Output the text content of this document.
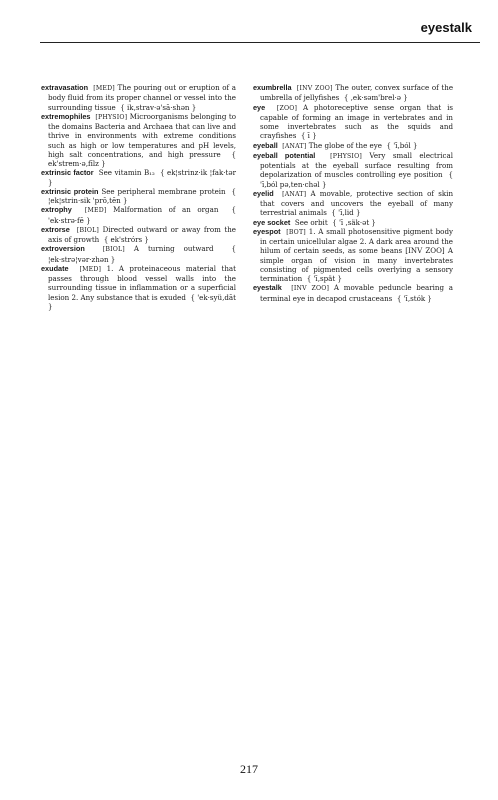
eyestalk

extravasation [MED] The pouring out or eruption of a body fluid from its proper channel or vessel into the surrounding tissue { ik‚strav·ə'sā·shən }

extremophiles [PHYSIO] Microorganisms belonging to the domains Bacteria and Archaea that can live and thrive in environments with extreme conditions such as high or low temperatures and pH levels, high salt concentrations, and high pressure { ek'strem·ə‚fīlz }

extrinsic factor See vitamin B₁₂ { ek¦strinz·ik ¦fak·tər }

extrinsic protein See peripheral membrane protein { ¦ek¦strin·sik 'prō‚tēn }

extrophy [MED] Malformation of an organ { 'ek·strə·fē }

extrorse [BIOL] Directed outward or away from the axis of growth { ek'strórs }

extroversion	[BIOL] A turning outward	{ ¦ek·strə¦vər·zhən }

exudate [MED] 1. A proteinaceous material that passes through blood vessel walls into the surrounding tissue in inflammation or a superficial lesion 2. Any substance that is exuded { 'ek·syü‚dāt }

exumbrella [INV ZOO] The outer, convex surface of the umbrella of jellyfishes { ‚ek·səm'brel·ə }

eye [ZOO] A photoreceptive sense organ that is capable of forming an image in vertebrates and in some invertebrates such as the squids and crayfishes { ī }

eyeball [ANAT] The globe of the eye { 'ī‚ból }

eyeball potential [PHYSIO] Very small electrical potentials at the eyeball surface resulting from depolarization of muscles controlling eye position { 'ī‚ból pə‚ten·chəl }

eyelid [ANAT] A movable, protective section of skin that covers and uncovers the eyeball of many terrestrial animals { 'ī‚lid }

eye socket See orbit { 'ī ‚säk·ət }

eyespot [BOT] 1. A small photosensitive pigment body in certain unicellular algae 2. A dark area around the hilum of certain seeds, as some beans [INV ZOO] A simple organ of vision in many invertebrates consisting of pigmented cells overlying a sensory termination { 'ī‚spät }

eyestalk [INV ZOO] A movable peduncle bearing a terminal eye in decapod crustaceans { 'ī‚stók }

217
